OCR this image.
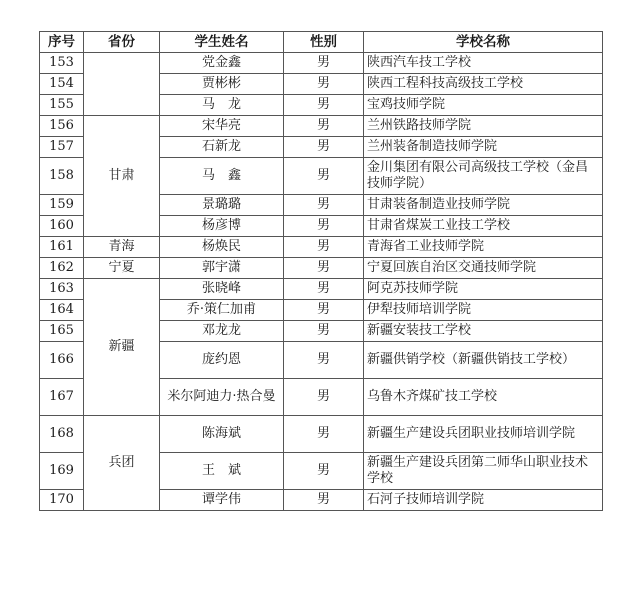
序号	省份	学生姓名	性别	学校名称
153		党金鑫	男	陕西汽车技工学校
154		贾彬彬	男	陕西工程科技高级技工学校
155		马　龙	男	宝鸡技师学院
156	甘肃	宋华亮	男	兰州铁路技师学院
157		石新龙	男	兰州装备制造技师学院
158		马　鑫	男	金川集团有限公司高级技工学校（金昌技师学院）
159		景璐璐	男	甘肃装备制造业技师学院
160		杨彦博	男	甘肃省煤炭工业技工学校
161	青海	杨焕民	男	青海省工业技师学院
162	宁夏	郭宇潇	男	宁夏回族自治区交通技师学院
163	新疆	张晓峰	男	阿克苏技师学院
164		乔·策仁加甫	男	伊犁技师培训学院
165		邓龙龙	男	新疆安装技工学校
166		庞约恩	男	新疆供销学校（新疆供销技工学校）
167		米尔阿迪力·热合曼	男	乌鲁木齐煤矿技工学校
168	兵团	陈海斌	男	新疆生产建设兵团职业技师培训学院
169		王　斌	男	新疆生产建设兵团第二师华山职业技术学校
170		谭学伟	男	石河子技师培训学院
